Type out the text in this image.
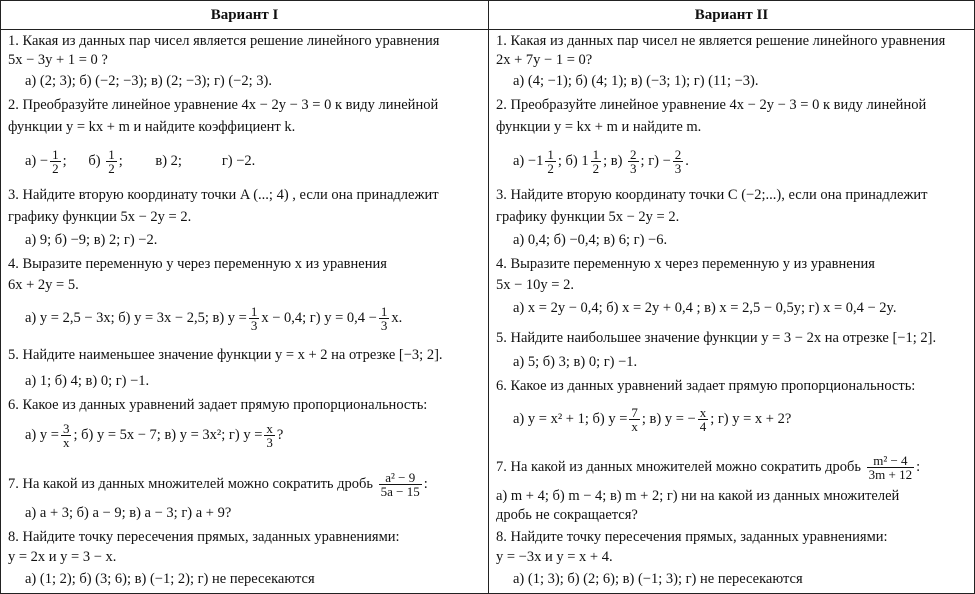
Вариант I	Вариант II
1. Какая из данных пар чисел является решение линейного уравнения
5x − 3y + 1 = 0 ?
а) (2; 3); б) (−2; −3); в) (2; −3); г) (−2; 3).
2. Преобразуйте линейное уравнение 4x − 2y − 3 = 0 к виду линейной
функции y = kx + m и найдите коэффициент k.
$а) - \frac{1}{2}$ ;      $б) \frac{1}{2}$ ;         в) 2;	г) −2.
3. Найдите вторую координату точки A (...; 4) , если она принадлежит
графику функции 5x − 2y = 2.
а) 9; б) −9; в) 2; г) −2.
4. Выразите переменную y через переменную x из уравнения
6x + 2y = 5.
а) y = 2,5 − 3x; б) y = 3x − 2,5; в) $y = \frac{1}{3}$ x − 0,4; г) $y = 0,4 - \frac{1}{3} x$.
5. Найдите наименьшее значение функции y = x + 2 на отрезке [−3; 2].
а) 1; б) 4; в) 0; г) −1.
6. Какое из данных уравнений задает прямую пропорциональность:
а) $y = \frac{3}{x}$ ; б) y = 5x − 7; в) y = 3x²; г) $y = \frac{x}{3}$ ?
7. На какой из данных множителей можно сократить дробь $\frac{\text{a² − 9}}{5a - 15}$ :
а) a + 3; б) a − 9; в) a − 3; г) a + 9?
8. Найдите точку пересечения прямых, заданных уравнениями:
y = 2x и y = 3 − x.
а) (1; 2); б) (3; 6); в) (−1; 2); г) не пересекаются
1. Какая из данных пар чисел не является решение линейного уравнения
2x + 7y − 1 = 0?
а) (4; −1); б) (4; 1); в) (−3; 1); г) (11; −3).
2. Преобразуйте линейное уравнение 4x − 2y − 3 = 0 к виду линейной
функции y = kx + m и найдите m.
$а) -1 \frac{1}{2}$ ; б) $1 \frac{1}{2}$ ; $в) \frac{2}{3}$ ; $г) - \frac{2}{3}$ .
3. Найдите вторую координату точки C (−2;...), если она принадлежит
графику функции 5x − 2y = 2.
а) 0,4; б) −0,4; в) 6; г) −6.
4. Выразите переменную x через переменную y из уравнения
5x − 10y = 2.
а) x = 2y − 0,4; б) x = 2y + 0,4 ; в) x = 2,5 − 0,5y; г) x = 0,4 − 2y.
5. Найдите наибольшее значение функции y = 3 − 2x на отрезке [−1; 2].
а) 5; б) 3; в) 0; г) −1.
6. Какое из данных уравнений задает прямую пропорциональность:
а) y = x² + 1; б) $y = \frac{7}{x}$ ; в) y = − $\frac{x}{4}$ ; г) y = x + 2?
7. На какой из данных множителей можно сократить дробь $\frac{\text{m² − 4}}{3m + 12}$ :
а) m + 4; б) m − 4; в) m + 2; г) ни на какой из данных множителей
дробь не сокращается?
8. Найдите точку пересечения прямых, заданных уравнениями:
y = −3x и y = x + 4.
а) (1; 3); б) (2; 6); в) (−1; 3); г) не пересекаются
